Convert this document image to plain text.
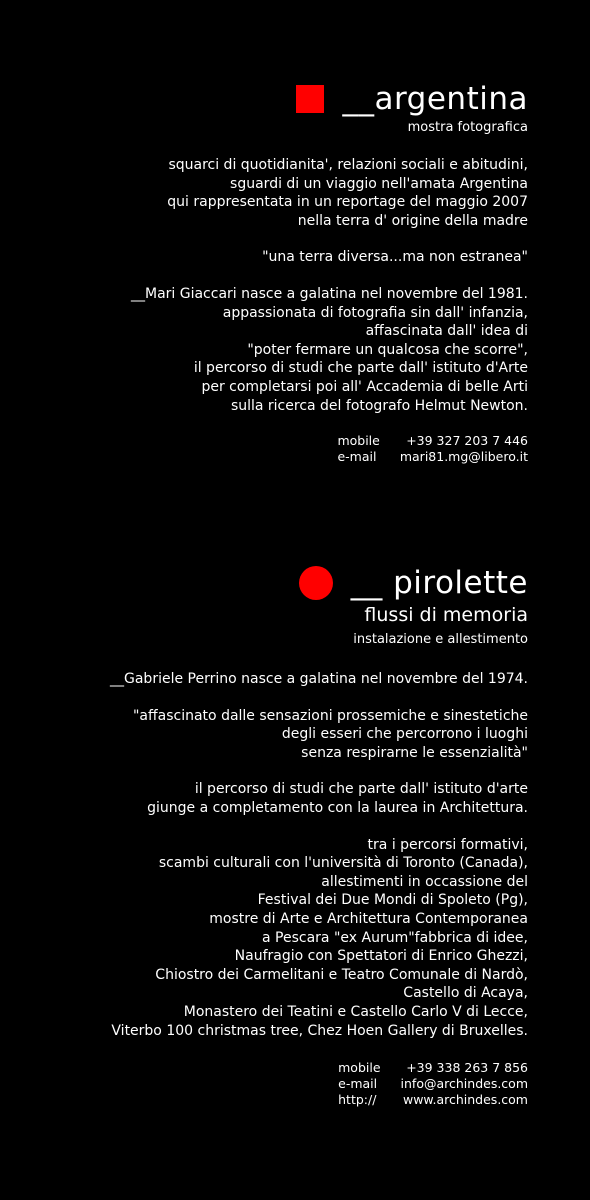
__argentina
mostra fotografica

squarci di quotidianita', relazioni sociali e abitudini,

sguardi di un viaggio nell'amata Argentina

qui rappresentata in un reportage del maggio 2007

nella terra d' origine della madre

"una terra diversa...ma non estranea"

__Mari Giaccari nasce a galatina nel novembre del 1981.

appassionata di fotografia sin dall' infanzia,

affascinata dall' idea di

"poter fermare un qualcosa che scorre",

il percorso di studi che parte dall' istituto d'Arte

per completarsi poi all' Accademia di belle Arti

sulla ricerca del fotografo Helmut Newton.

mobile	+39 327 203 7 446
e-mail mari81.mg@libero.it
__ pirolette
flussi di memoria
instalazione e allestimento

__Gabriele Perrino nasce a galatina nel novembre del 1974.

"affascinato dalle sensazioni prossemiche e sinestetiche

degli esseri che percorrono i luoghi

senza respirarne le essenzialità"

il percorso di studi che parte dall' istituto d'arte

giunge a completamento con la laurea in Architettura.

tra i percorsi formativi,

scambi culturali con l'università di Toronto (Canada),

allestimenti in occassione del

Festival dei Due Mondi di Spoleto (Pg),

mostre di Arte e Architettura Contemporanea

a Pescara "ex Aurum"fabbrica di idee,

Naufragio con Spettatori di Enrico Ghezzi,

Chiostro dei Carmelitani e Teatro Comunale di Nardò,

Castello di Acaya,

Monastero dei Teatini e Castello Carlo V di Lecce,

Viterbo 100 christmas tree, Chez Hoen Gallery di Bruxelles.

mobile	+39 338 263 7 856
e-mail info@archindes.com
http://	www.archindes.com
